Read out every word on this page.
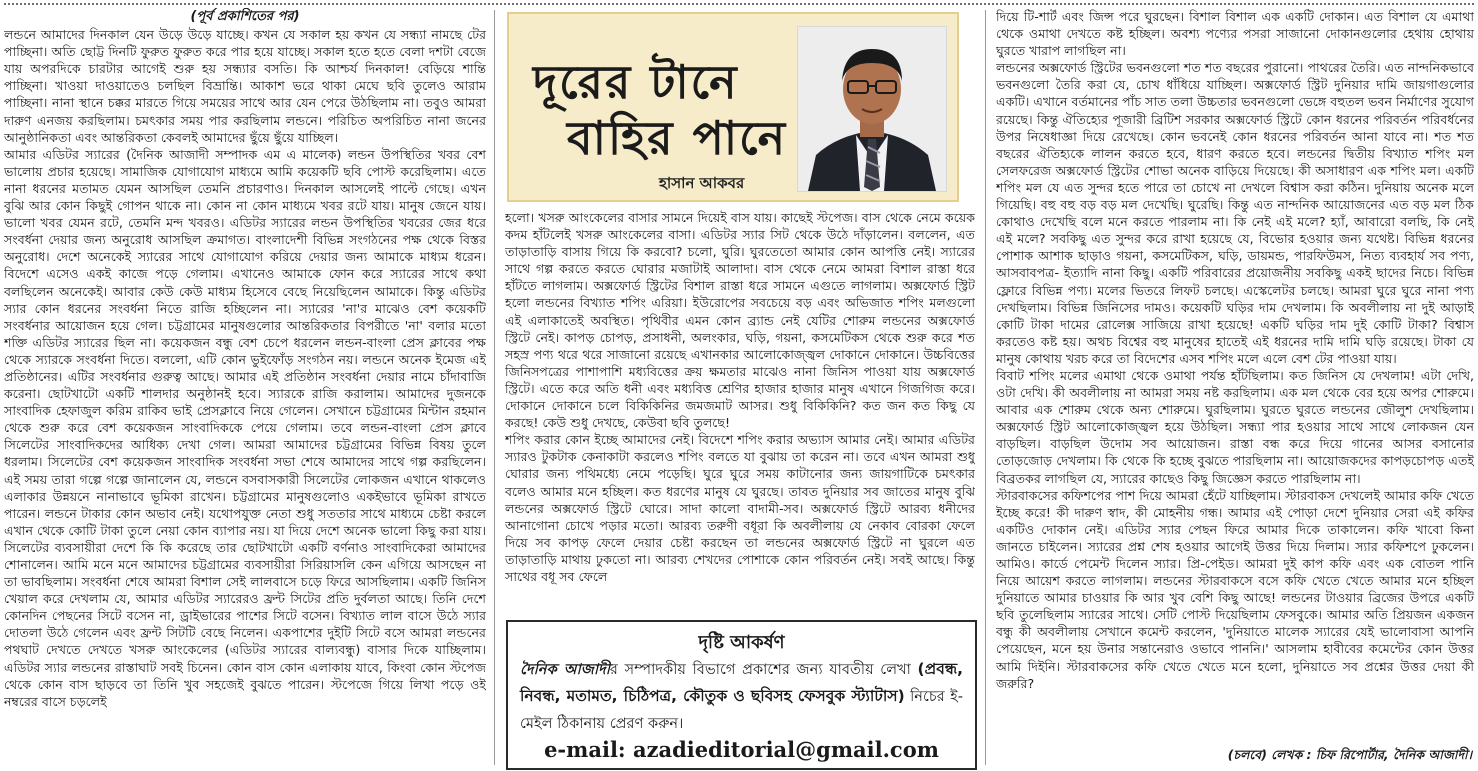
(পূর্ব প্রকাশিতের পর)

লন্ডনে আমাদের দিনকাল যেন উড়ে উড়ে যাচ্ছে। কখন যে সকাল হয় কখন যে সন্ধ্যা নামছে টের পাচ্ছিনা। অতি ছোট্ট দিনটি ফুরুত ফুরুত করে পার হয়ে যাচ্ছে। সকাল হতে হতে বেলা দশটা বেজে যায় অপরদিকে চারটার আগেই শুরু হয় সন্ধ্যার বসতি। কি আশ্চর্য দিনকাল! বেড়িয়ে শান্তি পাচ্ছিনা। খাওয়া দাওয়াতেও চলছিল বিভ্রান্তি। আকাশ ভরে থাকা মেঘে ছবি তুলেও আরাম পাচ্ছিনা। নানা স্থানে চক্কর মারতে গিয়ে সময়ের সাথে আর যেন পেরে উঠছিলাম না। তবুও আমরা দারুণ এনজয় করছিলাম। চমৎকার সময় পার করছিলাম লন্ডনে। পরিচিত অপরিচিত নানা জনের আনুষ্ঠানিকতা এবং আন্তরিকতা কেবলই আমাদের ছুঁয়ে ছুঁয়ে যাচ্ছিল।

আমার এডিটর স্যারের (দৈনিক আজাদী সম্পাদক এম এ মালেক) লন্ডন উপস্থিতির খবর বেশ ভালোয় প্রচার হয়েছে। সামাজিক যোগাযোগ মাধ্যমে আমি কয়েকটি ছবি পোস্ট করেছিলাম। এতে নানা ধরনের মতামত যেমন আসছিল তেমনি প্রচারণাও। দিনকাল আসলেই পাল্টে গেছে। এখন বুঝি আর কোন কিছুই গোপন থাকে না। কোন না কোন মাধ্যমে খবর রটে যায়। মানুষ জেনে যায়। ভালো খবর যেমন রটে, তেমনি মন্দ খবরও। এডিটর স্যারের লন্ডন উপস্থিতির খবরের জের ধরে সংবর্ধনা দেয়ার জন্য অনুরোধ আসছিল ক্রমাগত। বাংলাদেশী বিভিন্ন সংগঠনের পক্ষ থেকে বিস্তর অনুরোধ। দেশে অনেকেই স্যারের সাথে যোগাযোগ করিয়ে দেয়ার জন্য আমাকে মাধ্যম ধরেন। বিদেশে এসেও একই কাজে পড়ে গেলাম। এখানেও আমাকে ফোন করে স্যারের সাথে কথা বলছিলেন অনেকেই। আবার কেউ কেউ মাধ্যম হিসেবে বেছে নিয়েছিলেন আমাকে। কিন্তু এডিটর স্যার কোন ধরনের সংবর্ধনা নিতে রাজি হচ্ছিলেন না। স্যারের 'না'র মাঝেও বেশ কয়েকটি সংবর্ধনার আয়োজন হয়ে গেল। চট্টগ্রামের মানুষগুলোর আন্তরিকতার বিপরীতে 'না' বলার মতো শক্তি এডিটর স্যারের ছিল না। কয়েকজন বন্ধু বেশ চেপে ধরলেন লন্ডন-বাংলা প্রেস ক্লাবের পক্ষ থেকে স্যারকে সংবর্ধনা দিতে। বললো, এটি কোন ভুইফোঁড় সংগঠন নয়। লন্ডনে অনেক ইমেজ এই প্রতিষ্ঠানের। এটির সংবর্ধনার গুরুত্ব আছে। আমার এই প্রতিষ্ঠান সংবর্ধনা দেয়ার নামে চাঁদাবাজি করেনা। ছোটখাটো একটি শালদার অনুষ্ঠানই হবে। স্যারকে রাজি করালাম। আমাদের দুজনকে সাংবাদিক হেফাজুল করিম রাকিব ভাই প্রেসক্লাবে নিয়ে গেলেন। সেখানে চট্টগ্রামের মিন্টান রহমান থেকে শুরু করে বেশ কয়েকজন সাংবাদিককে পেয়ে গেলাম। তবে লন্ডন-বাংলা প্রেস ক্লাবে সিলেটের সাংবাদিকদের আধিক্য দেখা গেল। আমরা আমাদের চট্টগ্রামের বিভিন্ন বিষয় তুলে ধরলাম। সিলেটের বেশ কয়েকজন সাংবাদিক সংবর্ধনা সভা শেষে আমাদের সাথে গল্প করছিলেন। এই সময় তারা গল্পে গল্পে জানালেন যে, লন্ডনে বসবাসকারী সিলেটের লোকজন এখানে থাকলেও এলাকার উন্নয়নে নানাভাবে ভূমিকা রাখেন। চট্টগ্রামের মানুষগুলোও একইভাবে ভূমিকা রাখতে পারেন। লন্ডনে টাকার কোন অভাব নেই। যথোপযুক্ত নেতা শুধু সততার সাথে মাধ্যমে চেষ্টা করলে এখান থেকে কোটি টাকা তুলে নেয়া কোন ব্যাপার নয়। যা দিয়ে দেশে অনেক ভালো কিছু করা যায়। সিলেটের ব্যবসায়ীরা দেশে কি কি করেছে তার ছোটখাটো একটি বর্ণনাও সাংবাদিকেরা আমাদের শোনালেন। আমি মনে মনে আমাদের চট্টগ্রামের ব্যবসায়ীরা সিরিয়াসলি কেন এগিয়ে আসছেন না তা ভাবছিলাম। সংবর্ধনা শেষে আমরা বিশাল সেই লালবাসে চড়ে ফিরে আসছিলাম। একটি জিনিস খেয়াল করে দেখলাম যে, আমার এডিটর স্যারেরও ফ্রন্ট সিটের প্রতি দুর্বলতা আছে। তিনি দেশে কোনদিন পেছনের সিটে বসেন না, ড্রাইভারের পাশের সিটে বসেন। বিখ্যাত লাল বাসে উঠে স্যার দোতলা উঠে গেলেন এবং ফ্রন্ট সিটটি বেছে নিলেন। একপাশের দুইটি সিটে বসে আমরা লন্ডনের পথঘাট দেখতে দেখতে খসরু আংকেলের (এডিটর স্যারের বাল্যবন্ধু) বাসার দিকে যাচ্ছিলাম। এডিটর স্যার লন্ডনের রাস্তাঘাট সবই চিনেন। কোন বাস কোন এলাকায় যাবে, কিংবা কোন স্টপেজ থেকে কোন বাস ছাড়বে তা তিনি খুব সহজেই বুঝতে পারেন। স্টপেজে গিয়ে লিখা পড়ে ওই নম্বরের বাসে চড়লেই

দূরের টানে
বাহির পানে
হাসান আকবর

হলো। খসরু আংকেলের বাসার সামনে দিয়েই বাস যায়। কাছেই স্টপেজ। বাস থেকে নেমে কয়েক কদম হাঁটলেই খসরু আংকেলের বাসা। এডিটর স্যার সিট থেকে উঠে দাঁড়ালেন। বললেন, এত তাড়াতাড়ি বাসায় গিয়ে কি করবো? চলো, ঘুরি। ঘুরতেতো আমার কোন আপত্তি নেই। স্যারের সাথে গল্প করতে করতে ঘোরার মজাটাই আলাদা। বাস থেকে নেমে আমরা বিশাল রাস্তা ধরে হাঁটতে লাগলাম। অক্সফোর্ড স্ট্রিটের বিশাল রাস্তা ধরে সামনে এগুতে লাগলাম। অক্সফোর্ড স্ট্রিট হলো লন্ডনের বিখ্যাত শপিং এরিয়া। ইউরোপের সবচেয়ে বড় এবং অভিজাত শপিং মলগুলো এই এলাকাতেই অবস্থিত। পৃথিবীর এমন কোন ব্র্যান্ড নেই যেটির শোরুম লন্ডনের অক্সফোর্ড স্ট্রিটে নেই। কাপড় চোপড়, প্রসাধনী, অলংকার, ঘড়ি, গয়না, কসমেটিকস থেকে শুরু করে শত সহস্র পণ্য থরে থরে সাজানো রয়েছে এখানকার আলোকোজ্জ্বল দোকানে দোকানে। উচ্চবিত্তের জিনিসপত্রের পাশাপাশি মধ্যবিত্তের ক্রয় ক্ষমতার মাঝেও নানা জিনিস পাওয়া যায় অক্সফোর্ড স্ট্রিটে। এতে করে অতি ধনী এবং মধ্যবিত্ত শ্রেণির হাজার হাজার মানুষ এখানে গিজগিজ করে। দোকানে দোকানে চলে বিকিকিনির জমজমাট আসর। শুধু বিকিকিনি? কত জন কত কিছু যে করছে! কেউ শুধু দেখছে, কেউবা ছবি তুলছে!

শপিং করার কোন ইচ্ছে আমাদের নেই। বিদেশে শপিং করার অভ্যাস আমার নেই। আমার এডিটর স্যারও টুকটাক কেনাকাটা করলেও শপিং বলতে যা বুঝায় তা করেন না। তবে এখন আমরা শুধু ঘোরার জন্য পথিমধ্যে নেমে পড়েছি। ঘুরে ঘুরে সময় কাটানোর জন্য জায়গাটিকে চমৎকার বলেও আমার মনে হচ্ছিল। কত ধরণের মানুষ যে ঘুরছে। তাবত দুনিয়ার সব জাতের মানুষ বুঝি লন্ডনের অক্সফোর্ড স্ট্রিটে ঘোরে। সাদা কালো বাদামী-সব। অক্সফোর্ড স্ট্রিটে আরব্য ধনীদের আনাগোনা চোখে পড়ার মতো। আরব্য তরুণী বধূরা কি অবলীলায় যে নেকাব বোরকা ফেলে দিয়ে সব কাপড় ফেলে দেয়ার চেষ্টা করছেন তা লন্ডনের অক্সফোর্ড স্ট্রিটে না ঘুরলে এত তাড়াতাড়ি মাথায় ঢুকতো না। আরব্য শেখদের পোশাকে কোন পরিবর্তন নেই। সবই আছে। কিন্তু সাথের বধূ সব ফেলে

দৃষ্টি আকর্ষণ
দৈনিক আজাদীর সম্পাদকীয় বিভাগে প্রকাশের জন্য যাবতীয় লেখা (প্রবন্ধ, নিবন্ধ, মতামত, চিঠিপত্র, কৌতুক ও ছবিসহ ফেসবুক স্ট্যাটাস) নিচের ই-মেইল ঠিকানায় প্রেরণ করুন।
e-mail: azadieditorial@gmail.com

দিয়ে টি-শার্ট এবং জিন্স পরে ঘুরছেন। বিশাল বিশাল এক একটি দোকান। এত বিশাল যে এমাথা থেকে ওমাথা দেখতে কষ্ট হচ্ছিল। অবশ্য পণ্যের পসরা সাজানো দোকানগুলোর হেথায় হোথায় ঘুরতে খারাপ লাগছিল না।

লন্ডনের অক্সফোর্ড স্ট্রিটের ভবনগুলো শত শত বছরের পুরানো। পাথরের তৈরি। এত নান্দনিকভাবে ভবনগুলো তৈরি করা যে, চোখ ধাঁধিয়ে যাচ্ছিল। অক্সফোর্ড স্ট্রিট দুনিয়ার দামি জায়গাগুলোর একটি। এখানে বর্তমানের পাঁচ সাত তলা উচ্চতার ভবনগুলো ভেঙ্গে বহুতল ভবন নির্মাণের সুযোগ রয়েছে। কিন্তু ঐতিহ্যের পূজারী ব্রিটিশ সরকার অক্সফোর্ড স্ট্রিটে কোন ধরনের পরিবর্তন পরিবর্ধনের উপর নিষেধাজ্ঞা দিয়ে রেখেছে। কোন ভবনেই কোন ধরনের পরিবর্তন আনা যাবে না। শত শত বছরের ঐতিহ্যকে লালন করতে হবে, ধারণ করতে হবে। লন্ডনের দ্বিতীয় বিখ্যাত শপিং মল সেলফরেজ অক্সফোর্ড স্ট্রিটের শোভা অনেক বাড়িয়ে দিয়েছে। কী অসাধারণ এক শপিং মল। একটি শপিং মল যে এত সুন্দর হতে পারে তা চোখে না দেখলে বিশ্বাস করা কঠিন। দুনিয়ায় অনেক মলে গিয়েছি। বহু বহু বড় বড় মল দেখেছি। ঘুরেছি। কিন্তু এত নান্দনিক আয়োজনের এত বড় মল ঠিক কোথাও দেখেছি বলে মনে করতে পারলাম না। কি নেই এই মলে? হ্যাঁ, আবারো বলছি, কি নেই এই মলে? সবকিছু এত সুন্দর করে রাখা হয়েছে যে, বিভোর হওয়ার জন্য যথেষ্ট। বিভিন্ন ধরনের পোশাক আশাক ছাড়াও গয়না, কসমেটিকস, ঘড়ি, ডায়মন্ড, পারফিউমস, নিত্য ব্যবহার্য সব পণ্য, আসবাবপত্র- ইত্যাদি নানা কিছু। একটি পরিবারের প্রয়োজনীয় সবকিছু একই ছাদের নিচে। বিভিন্ন ফ্লোরে বিভিন্ন পণ্য। মলের ভিতরে লিফট চলছে। এস্কেলেটর চলছে। আমরা ঘুরে ঘুরে নানা পণ্য দেখছিলাম। বিভিন্ন জিনিসের দামও। কয়েকটি ঘড়ির দাম দেখলাম। কি অবলীলায় না দুই আড়াই কোটি টাকা দামের রোলেক্স সাজিয়ে রাখা হয়েছে! একটি ঘড়ির দাম দুই কোটি টাকা? বিশ্বাস করতেও কষ্ট হয়। অথচ বিশ্বের বহু মানুষের হাতেই এই ধরনের দামি দামি ঘড়ি রয়েছে। টাকা যে মানুষ কোথায় খরচ করে তা বিদেশের এসব শপিং মলে এলে বেশ টের পাওয়া যায়।

বিবাট শপিং মলের এমাথা থেকে ওমাথা পর্যন্ত হাঁটছিলাম। কত জিনিস যে দেখলাম! এটা দেখি, ওটা দেখি। কী অবলীলায় না আমরা সময় নষ্ট করছিলাম। এক মল থেকে বের হয়ে অপর শোরুমে। আবার এক শোরুম থেকে অন্য শোরুমে। ঘুরছিলাম। ঘুরতে ঘুরতে লন্ডনের জৌলুশ দেখছিলাম। অক্সফোর্ড স্ট্রিট আলোকোজ্জ্বল হয়ে উঠছিল। সন্ধ্যা পার হওয়ার সাথে সাথে লোকজন যেন বাড়ছিল। বাড়ছিল উদোম সব আয়োজন। রাস্তা বন্ধ করে দিয়ে গানের আসর বসানোর তোড়জোড় দেখলাম। কি থেকে কি হচ্ছে বুঝতে পারছিলাম না। আয়োজকদের কাপড়চোপড় এতই বিব্রতকর লাগছিল যে, স্যারের কাছেও কিছু জিজ্ঞেস করতে পারছিলাম না।

স্টারবাকসের কফিশপের পাশ দিয়ে আমরা হেঁটে যাচ্ছিলাম। স্টারবাকস দেখলেই আমার কফি খেতে ইচ্ছে করে! কী দারুণ স্বাদ, কী মোহনীয় গন্ধ। আমার এই পোড়া দেশে দুনিয়ার সেরা এই কফির একটিও দোকান নেই। এডিটর স্যার পেছন ফিরে আমার দিকে তাকালেন। কফি খাবো কিনা জানতে চাইলেন। স্যারের প্রশ্ন শেষ হওয়ার আগেই উত্তর দিয়ে দিলাম। স্যার কফিশপে ঢুকলেন। আমিও। কার্ডে পেমেন্ট দিলেন স্যার। প্রি-পেইড। আমরা দুই কাপ কফি এবং এক বোতল পানি নিয়ে আয়েশ করতে লাগলাম। লন্ডনের স্টারবাকসে বসে কফি খেতে খেতে আমার মনে হচ্ছিল দুনিয়াতে আমার চাওয়ার কি আর খুব বেশি কিছু আছে! লন্ডনের টাওয়ার ব্রিজের উপরে একটি ছবি তুলেছিলাম স্যারের সাথে। সেটি পোস্ট দিয়েছিলাম ফেসবুকে। আমার অতি প্রিয়জন একজন বন্ধু কী অবলীলায় সেখানে কমেন্ট করলেন, 'দুনিয়াতে মালেক স্যারের যেই ভালোবাসা আপনি পেয়েছেন, মনে হয় উনার সন্তানেরাও ওভাবে পাননি।' আসলাম হাবীবের কমেন্টের কোন উত্তর আমি দিইনি। স্টারবাকসের কফি খেতে খেতে মনে হলো, দুনিয়াতে সব প্রশ্নের উত্তর দেয়া কী জরুরি?

(চলবে) লেখক : চিফ রিপোর্টার, দৈনিক আজাদী।
